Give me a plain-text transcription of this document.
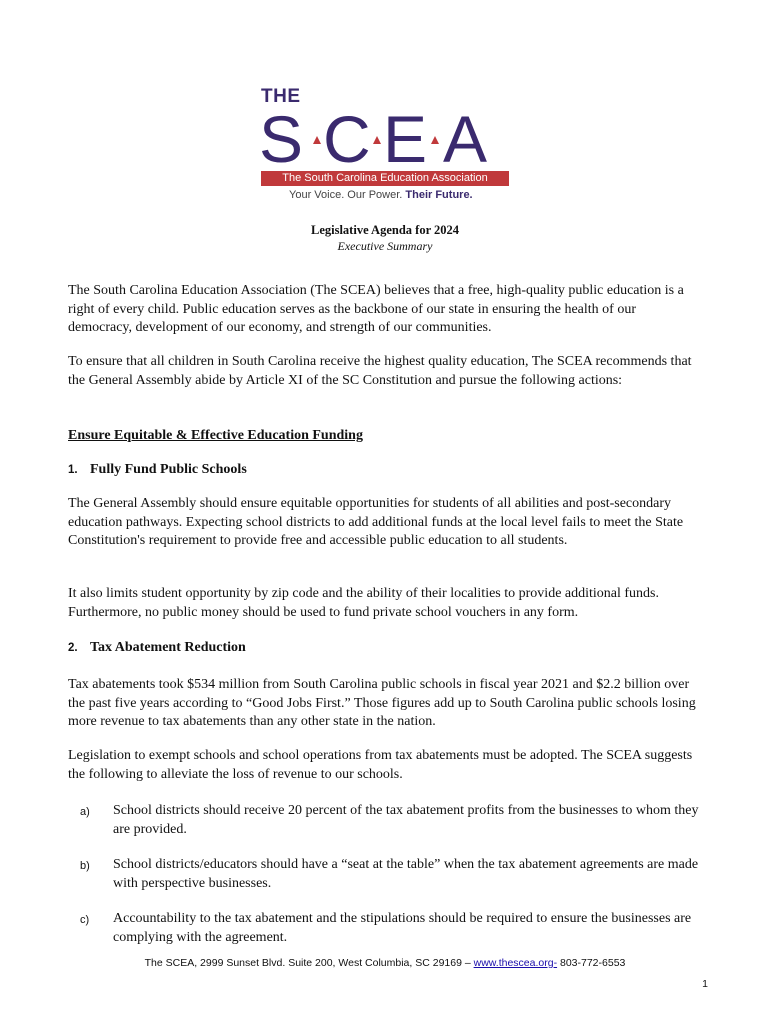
THE
S C E A
The South Carolina Education Association
Your Voice. Our Power. Their Future.
Legislative Agenda for 2024
Executive Summary

The South Carolina Education Association (The SCEA) believes that a free, high-quality public education is a right of every child. Public education serves as the backbone of our state in ensuring the health of our democracy, development of our economy, and strength of our communities.

To ensure that all children in South Carolina receive the highest quality education, The SCEA recommends that the General Assembly abide by Article XI of the SC Constitution and pursue the following actions:

Ensure Equitable & Effective Education Funding

1. Fully Fund Public Schools

The General Assembly should ensure equitable opportunities for students of all abilities and post-secondary education pathways. Expecting school districts to add additional funds at the local level fails to meet the State Constitution's requirement to provide free and accessible public education to all students.

It also limits student opportunity by zip code and the ability of their localities to provide additional funds. Furthermore, no public money should be used to fund private school vouchers in any form.

2. Tax Abatement Reduction

Tax abatements took $534 million from South Carolina public schools in fiscal year 2021 and $2.2 billion over the past five years according to “Good Jobs First.” Those figures add up to South Carolina public schools losing more revenue to tax abatements than any other state in the nation.

Legislation to exempt schools and school operations from tax abatements must be adopted. The SCEA suggests the following to alleviate the loss of revenue to our schools.

a) School districts should receive 20 percent of the tax abatement profits from the businesses to whom they are provided.
b) School districts/educators should have a “seat at the table” when the tax abatement agreements are made with perspective businesses.
c) Accountability to the tax abatement and the stipulations should be required to ensure the businesses are complying with the agreement.
The SCEA, 2999 Sunset Blvd. Suite 200, West Columbia, SC 29169 – www.thescea.org- 803-772-6553
1
